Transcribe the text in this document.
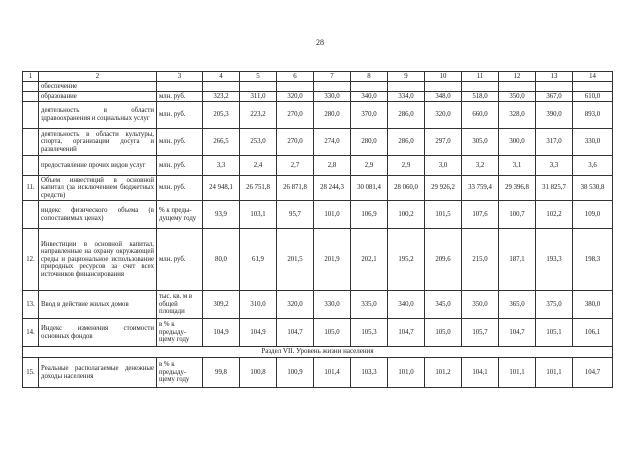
28
1	2	3	4	5	6	7	8	9	10	11	12	13	14
	обеспечение												
	образование	млн. руб.	323,2	311,0	320,0	330,0	340,0	334,0	348,0	518,0	350,0	367,0	610,0
	деятельность в области здравоохранения и социальных услуг	млн. руб.	205,3	223,2	270,0	280,0	370,0	286,0	320,0	660,0	328,0	390,0	893,0
	деятельность в области культуры, спорта, организации досуга и развлечений	млн. руб.	266,5	253,0	270,0	274,0	280,0	286,0	297,0	305,0	300,0	317,0	330,0
	предоставление прочих видов услуг	млн. руб.	3,3	2,4	2,7	2,8	2,9	2,9	3,0	3,2	3,1	3,3	3,6
11.	Объем инвестиций в основной капитал (за исключением бюджетных средств)	млн. руб.	24 948,1	26 751,8	26 871,8	28 244,3	30 081,4	28 060,0	29 926,2	33 759,4	29 396,8	31 825,7	38 530,8
	индекс физического объема (в сопоставимых ценах)	% к преды-дущему году	93,9	103,1	95,7	101,0	106,9	100,2	101,5	107,6	100,7	102,2	109,0
12.	Инвестиции в основной капитал, направленные на охрану окружающей среды и рациональное использование природных ресурсов за счет всех источников финансирования	млн. руб.	80,0	61,9	201,5	201,9	202,1	195,2	209,6	215,0	187,1	193,3	198,3
13.	Ввод в действие жилых домов	тыс. кв. м в общей площади	309,2	310,0	320,0	330,0	335,0	340,0	345,0	350,0	365,0	375,0	380,0
14.	Индекс изменения стоимости основных фондов	в % к предыду-щему году	104,9	104,9	104,7	105,0	105,3	104,7	105,0	105,7	104,7	105,1	106,1
Раздел VII. Уровень жизни населения													
15.	Реальные располагаемые денежные доходы населения	в % к предыду-щему году	99,8	100,8	100,9	101,4	103,3	101,0	101,2	104,1	101,1	101,1	104,7
